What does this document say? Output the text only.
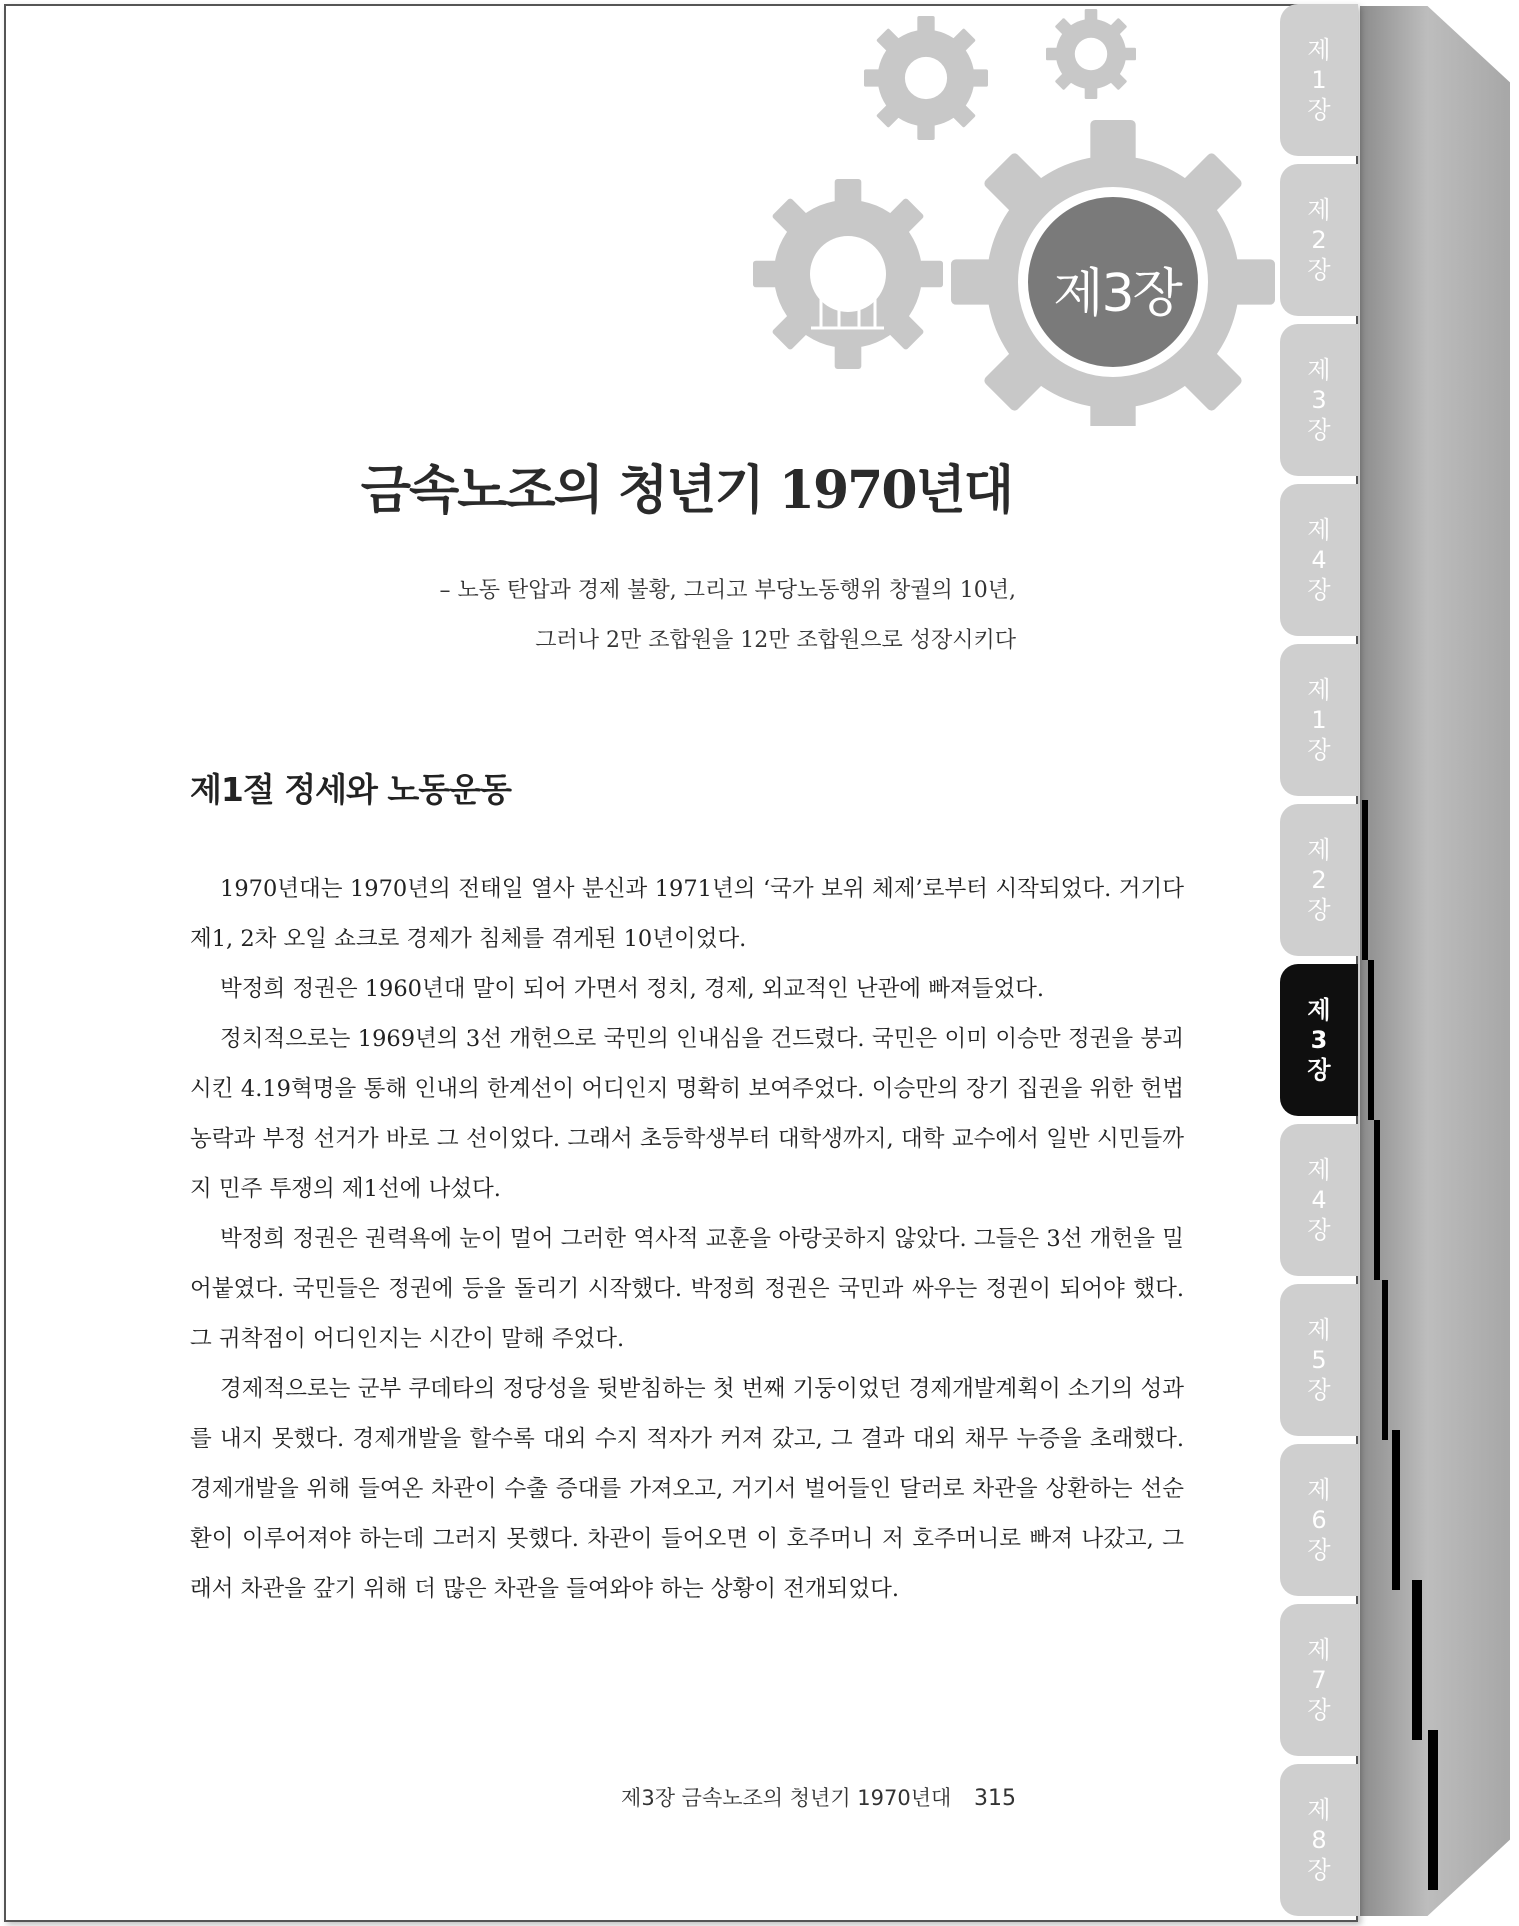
제3장
금속노조의 청년기 1970년대
– 노동 탄압과 경제 불황, 그리고 부당노동행위 창궐의 10년,
그러나 2만 조합원을 12만 조합원으로 성장시키다
제1절 정세와 노동운동

1970년대는 1970년의 전태일 열사 분신과 1971년의 ‘국가 보위 체제’로부터 시작되었다. 거기다 제1, 2차 오일 쇼크로 경제가 침체를 겪게된 10년이었다.

박정희 정권은 1960년대 말이 되어 가면서 정치, 경제, 외교적인 난관에 빠져들었다.

정치적으로는 1969년의 3선 개헌으로 국민의 인내심을 건드렸다. 국민은 이미 이승만 정권을 붕괴시킨 4.19혁명을 통해 인내의 한계선이 어디인지 명확히 보여주었다. 이승만의 장기 집권을 위한 헌법 농락과 부정 선거가 바로 그 선이었다. 그래서 초등학생부터 대학생까지, 대학 교수에서 일반 시민들까지 민주 투쟁의 제1선에 나섰다.

박정희 정권은 권력욕에 눈이 멀어 그러한 역사적 교훈을 아랑곳하지 않았다. 그들은 3선 개헌을 밀어붙였다. 국민들은 정권에 등을 돌리기 시작했다. 박정희 정권은 국민과 싸우는 정권이 되어야 했다. 그 귀착점이 어디인지는 시간이 말해 주었다.

경제적으로는 군부 쿠데타의 정당성을 뒷받침하는 첫 번째 기둥이었던 경제개발계획이 소기의 성과를 내지 못했다. 경제개발을 할수록 대외 수지 적자가 커져 갔고, 그 결과 대외 채무 누증을 초래했다. 경제개발을 위해 들여온 차관이 수출 증대를 가져오고, 거기서 벌어들인 달러로 차관을 상환하는 선순환이 이루어져야 하는데 그러지 못했다. 차관이 들어오면 이 호주머니 저 호주머니로 빠져 나갔고, 그래서 차관을 갚기 위해 더 많은 차관을 들여와야 하는 상황이 전개되었다.

제3장 금속노조의 청년기 1970년대 315
제
1
장
제
2
장
제
3
장
제
4
장
제
1
장
제
2
장
제
3
장
제
4
장
제
5
장
제
6
장
제
7
장
제
8
장
